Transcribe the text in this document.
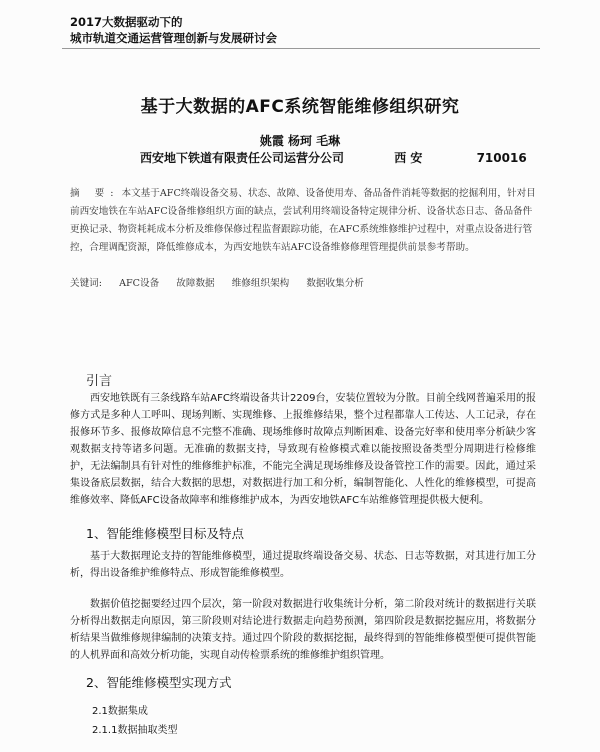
2017大数据驱动下的
城市轨道交通运营管理创新与发展研讨会
基于大数据的AFC系统智能维修组织研究
姚霞 杨珂 毛琳
西安地下铁道有限责任公司运营分公司	西 安	710016
摘 要: 本文基于AFC终端设备交易、状态、故障、设备使用寿、备品备件消耗等数据的挖掘利用，针对目前西安地铁在车站AFC设备维修组织方面的缺点，尝试利用终端设备特定规律分析、设备状态日志、备品备件更换记录、物资耗耗成本分析及维修保修过程监督跟踪功能，在AFC系统维修维护过程中，对重点设备进行管控，合理调配资源，降低维修成本，为西安地铁车站AFC设备维修修理管理提供前景参考帮助。
关键词: AFC设备 故障数据 维修组织架构 数据收集分析
引言
西安地铁既有三条线路车站AFC终端设备共计2209台，安装位置较为分散。目前全线网普遍采用的报修方式是多种人工呼叫、现场判断、实现维修、上报维修结果，整个过程都靠人工传达、人工记录，存在报修环节多、报修故障信息不完整不准确、现场维修时故障点判断困难、设备完好率和使用率分析缺少客观数据支持等诸多问题。无准确的数据支持，导致现有检修模式难以能按照设备类型分周期进行检修维护，无法编制具有针对性的维修维护标准，不能完全满足现场维修及设备管控工作的需要。因此，通过采集设备底层数据，结合大数据的思想，对数据进行加工和分析，编制智能化、人性化的维修模型，可提高维修效率、降低AFC设备故障率和维修维护成本，为西安地铁AFC车站维修管理提供极大便利。
1、智能维修模型目标及特点
基于大数据理论支持的智能维修模型，通过提取终端设备交易、状态、日志等数据，对其进行加工分析，得出设备维护维修特点、形成智能维修模型。
数据价值挖掘要经过四个层次，第一阶段对数据进行收集统计分析，第二阶段对统计的数据进行关联分析得出数据走向原因，第三阶段则对结论进行数据走向趋势预测，第四阶段是数据挖掘应用，将数据分析结果当做维修规律编制的决策支持。通过四个阶段的数据挖掘，最终得到的智能维修模型便可提供智能的人机界面和高效分析功能，实现自动传检票系统的维修维护组织管理。
2、智能维修模型实现方式
2.1数据集成
2.1.1数据抽取类型
